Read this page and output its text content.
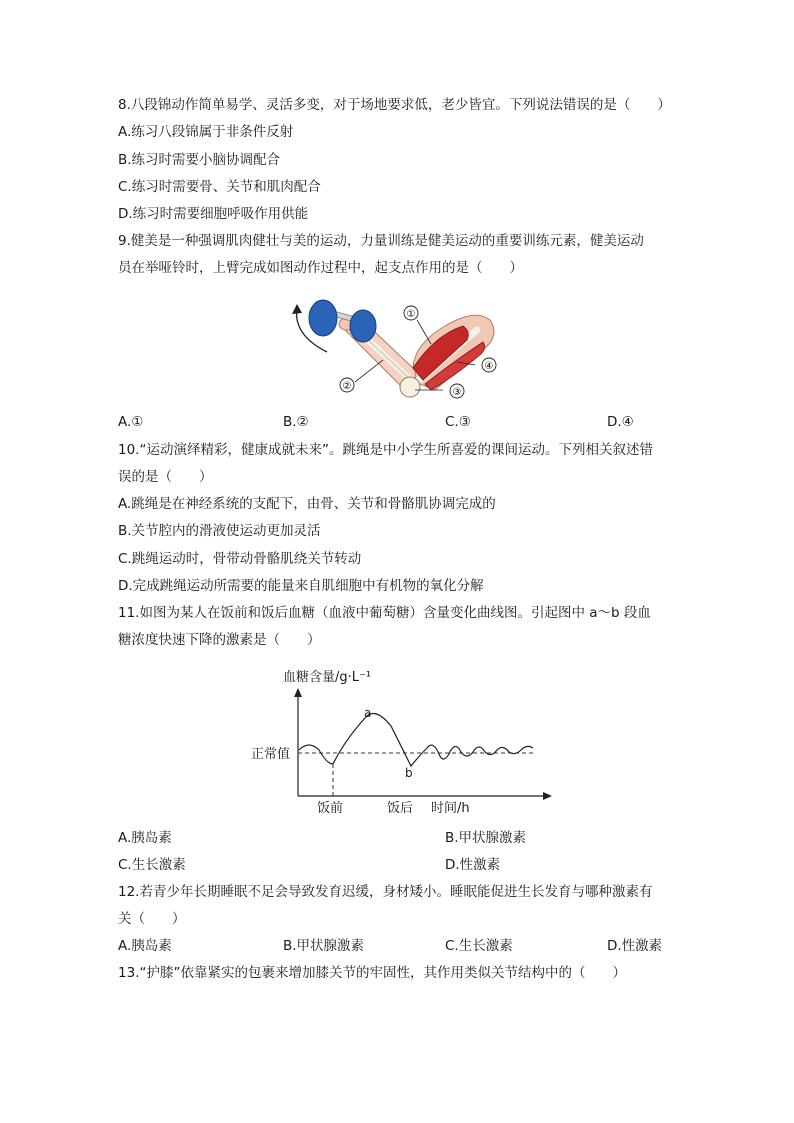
8.八段锦动作简单易学、灵活多变，对于场地要求低，老少皆宜。下列说法错误的是（　　）
A.练习八段锦属于非条件反射
B.练习时需要小脑协调配合
C.练习时需要骨、关节和肌肉配合
D.练习时需要细胞呼吸作用供能
9.健美是一种强调肌肉健壮与美的运动，力量训练是健美运动的重要训练元素，健美运动
员在举哑铃时，上臂完成如图动作过程中，起支点作用的是（　　）
①
②
③
④
A.①	B.②	C.③	D.④
10.“运动演绎精彩，健康成就未来”。跳绳是中小学生所喜爱的课间运动。下列相关叙述错
误的是（　　）
A.跳绳是在神经系统的支配下，由骨、关节和骨骼肌协调完成的
B.关节腔内的滑液使运动更加灵活
C.跳绳运动时，骨带动骨骼肌绕关节转动
D.完成跳绳运动所需要的能量来自肌细胞中有机物的氧化分解
11.如图为某人在饭前和饭后血糖（血液中葡萄糖）含量变化曲线图。引起图中 a～b 段血
糖浓度快速下降的激素是（　　）
血糖含量/g·L⁻¹
正常值
a
b
饭前	饭后 时间/h
A.胰岛素	B.甲状腺激素
C.生长激素	D.性激素
12.若青少年长期睡眠不足会导致发育迟缓，身材矮小。睡眠能促进生长发育与哪种激素有
关（　　）
A.胰岛素	B.甲状腺激素	C.生长激素	D.性激素
13.“护膝”依靠紧实的包裹来增加膝关节的牢固性，其作用类似关节结构中的（　　）
